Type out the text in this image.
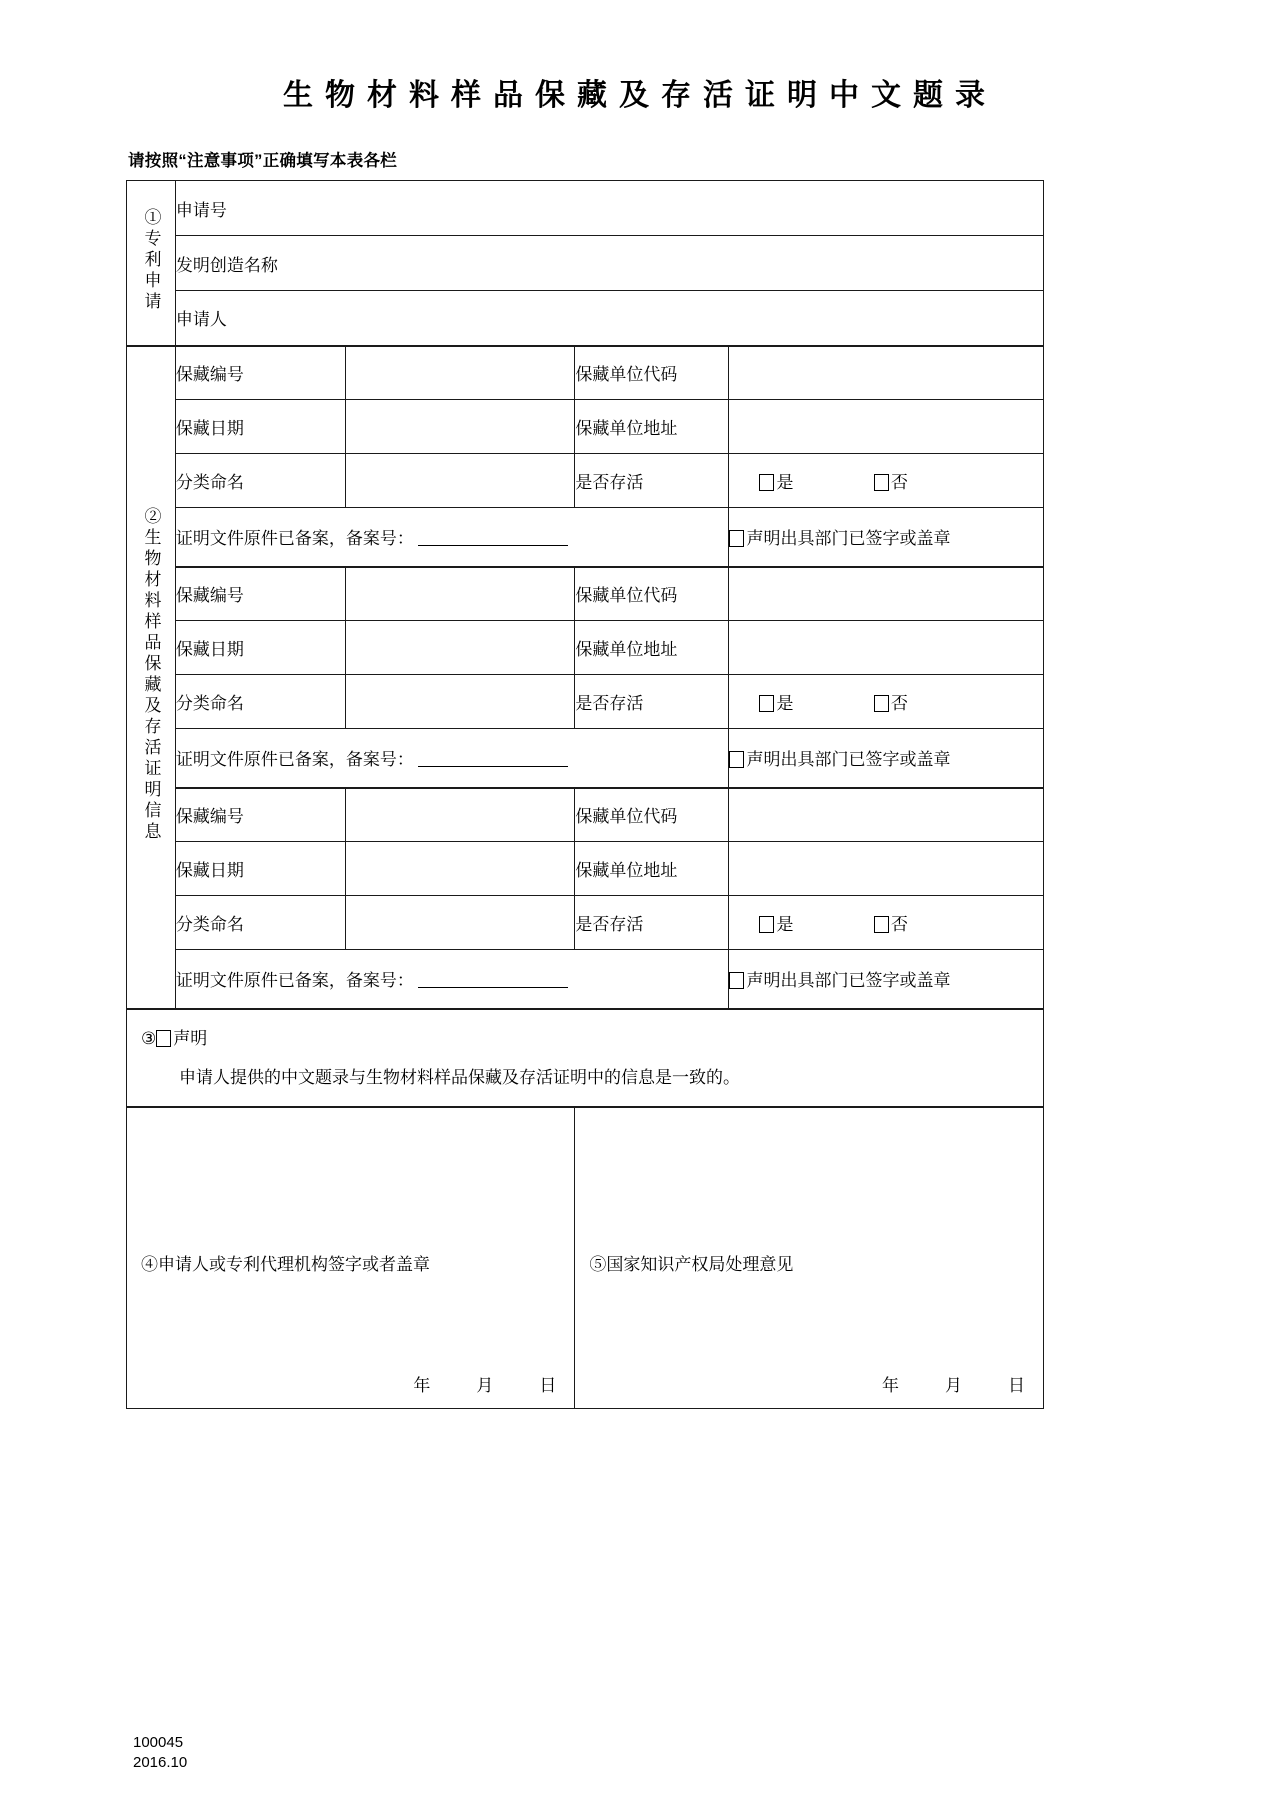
生物材料样品保藏及存活证明中文题录
请按照“注意事项”正确填写本表各栏
①专利申请	申请号			
	发明创造名称			
	申请人			
②生物材料样品保藏及存活证明信息	保藏编号		保藏单位代码	
	保藏日期		保藏单位地址	
	分类命名		是否存活	是 否

	证明文件原件已备案，备案号：			声明出具部门已签字或盖章
	保藏编号		保藏单位代码	
	保藏日期		保藏单位地址	
	分类命名		是否存活	是 否

	证明文件原件已备案，备案号：			声明出具部门已签字或盖章
	保藏编号		保藏单位代码	
	保藏日期		保藏单位地址	
	分类命名		是否存活	是 否

	证明文件原件已备案，备案号：			声明出具部门已签字或盖章

③ 声明
申请人提供的中文题录与生物材料样品保藏及存活证明中的信息是一致的。				

④申请人或专利代理机构签字或者盖章
年	月	日

⑤国家知识产权局处理意见
年	月	日
100045
2016.10
